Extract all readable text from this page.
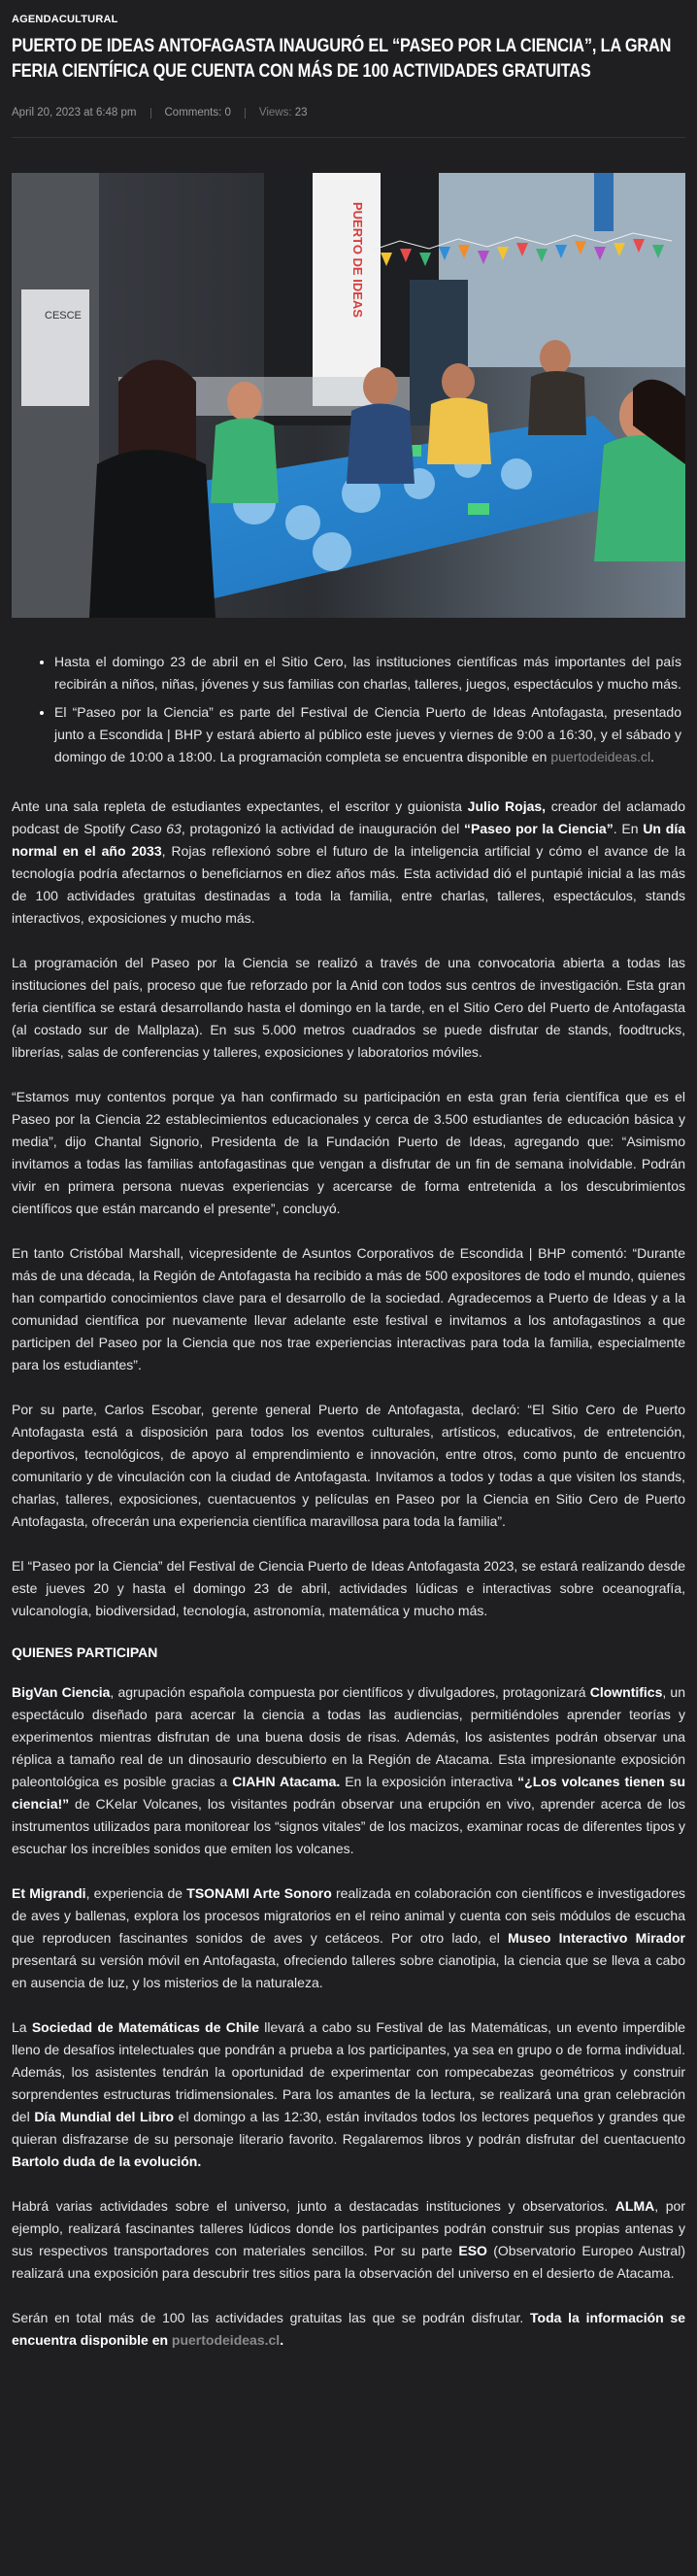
AGENDACULTURAL
PUERTO DE IDEAS ANTOFAGASTA INAUGURÓ EL “PASEO POR LA CIENCIA”, LA GRAN FERIA CIENTÍFICA QUE CUENTA CON MÁS DE 100 ACTIVIDADES GRATUITAS
April 20, 2023 at 6:48 pm	Comments: 0	Views:
23
CESCE	PUERTO DE IDEAS
• Hasta el domingo 23 de abril en el Sitio Cero, las instituciones científicas más importantes del país recibirán a niños, niñas, jóvenes y sus familias con charlas, talleres, juegos, espectáculos y mucho más.
• El “Paseo por la Ciencia” es parte del Festival de Ciencia Puerto de Ideas Antofagasta, presentado junto a Escondida | BHP y estará abierto al público este jueves y viernes de 9:00 a 16:30, y el sábado y domingo de 10:00 a 18:00. La programación completa se encuentra disponible en puertodeideas.cl.

Ante una sala repleta de estudiantes expectantes, el escritor y guionista Julio Rojas, creador del aclamado podcast de Spotify Caso 63, protagonizó la actividad de inauguración del “Paseo por la Ciencia”. En Un día normal en el año 2033, Rojas reflexionó sobre el futuro de la inteligencia artificial y cómo el avance de la tecnología podría afectarnos o beneficiarnos en diez años más. Esta actividad dió el puntapié inicial a las más de 100 actividades gratuitas destinadas a toda la familia, entre charlas, talleres, espectáculos, stands interactivos, exposiciones y mucho más.

La programación del Paseo por la Ciencia se realizó a través de una convocatoria abierta a todas las instituciones del país, proceso que fue reforzado por la Anid con todos sus centros de investigación. Esta gran feria científica se estará desarrollando hasta el domingo en la tarde, en el Sitio Cero del Puerto de Antofagasta (al costado sur de Mallplaza). En sus 5.000 metros cuadrados se puede disfrutar de stands, foodtrucks, librerías, salas de conferencias y talleres, exposiciones y laboratorios móviles.

“Estamos muy contentos porque ya han confirmado su participación en esta gran feria científica que es el Paseo por la Ciencia 22 establecimientos educacionales y cerca de 3.500 estudiantes de educación básica y media”, dijo Chantal Signorio, Presidenta de la Fundación Puerto de Ideas, agregando que: “Asimismo invitamos a todas las familias antofagastinas que vengan a disfrutar de un fin de semana inolvidable. Podrán vivir en primera persona nuevas experiencias y acercarse de forma entretenida a los descubrimientos científicos que están marcando el presente”, concluyó.

En tanto Cristóbal Marshall, vicepresidente de Asuntos Corporativos de Escondida | BHP comentó: “Durante más de una década, la Región de Antofagasta ha recibido a más de 500 expositores de todo el mundo, quienes han compartido conocimientos clave para el desarrollo de la sociedad. Agradecemos a Puerto de Ideas y a la comunidad científica por nuevamente llevar adelante este festival e invitamos a los antofagastinos a que participen del Paseo por la Ciencia que nos trae experiencias interactivas para toda la familia, especialmente para los estudiantes”.

Por su parte, Carlos Escobar, gerente general Puerto de Antofagasta, declaró: “El Sitio Cero de Puerto Antofagasta está a disposición para todos los eventos culturales, artísticos, educativos, de entretención, deportivos, tecnológicos, de apoyo al emprendimiento e innovación, entre otros, como punto de encuentro comunitario y de vinculación con la ciudad de Antofagasta. Invitamos a todos y todas a que visiten los stands, charlas, talleres, exposiciones, cuentacuentos y películas en Paseo por la Ciencia en Sitio Cero de Puerto Antofagasta, ofrecerán una experiencia científica maravillosa para toda la familia”.

El “Paseo por la Ciencia” del Festival de Ciencia Puerto de Ideas Antofagasta 2023, se estará realizando desde este jueves 20 y hasta el domingo 23 de abril, actividades lúdicas e interactivas sobre oceanografía, vulcanología, biodiversidad, tecnología, astronomía, matemática y mucho más.

QUIENES PARTICIPAN

BigVan Ciencia, agrupación española compuesta por científicos y divulgadores, protagonizará Clowntifics, un espectáculo diseñado para acercar la ciencia a todas las audiencias, permitiéndoles aprender teorías y experimentos mientras disfrutan de una buena dosis de risas. Además, los asistentes podrán observar una réplica a tamaño real de un dinosaurio descubierto en la Región de Atacama. Esta impresionante exposición paleontológica es posible gracias a CIAHN Atacama. En la exposición interactiva “¿Los volcanes tienen su ciencia!” de CKelar Volcanes, los visitantes podrán observar una erupción en vivo, aprender acerca de los instrumentos utilizados para monitorear los “signos vitales” de los macizos, examinar rocas de diferentes tipos y escuchar los increíbles sonidos que emiten los volcanes.

Et Migrandi, experiencia de TSONAMI Arte Sonoro realizada en colaboración con científicos e investigadores de aves y ballenas, explora los procesos migratorios en el reino animal y cuenta con seis módulos de escucha que reproducen fascinantes sonidos de aves y cetáceos. Por otro lado, el Museo Interactivo Mirador presentará su versión móvil en Antofagasta, ofreciendo talleres sobre cianotipia, la ciencia que se lleva a cabo en ausencia de luz, y los misterios de la naturaleza.

La Sociedad de Matemáticas de Chile llevará a cabo su Festival de las Matemáticas, un evento imperdible lleno de desafíos intelectuales que pondrán a prueba a los participantes, ya sea en grupo o de forma individual. Además, los asistentes tendrán la oportunidad de experimentar con rompecabezas geométricos y construir sorprendentes estructuras tridimensionales. Para los amantes de la lectura, se realizará una gran celebración del Día Mundial del Libro el domingo a las 12:30, están invitados todos los lectores pequeños y grandes que quieran disfrazarse de su personaje literario favorito. Regalaremos libros y podrán disfrutar del cuentacuento Bartolo duda de la evolución.

Habrá varias actividades sobre el universo, junto a destacadas instituciones y observatorios. ALMA, por ejemplo, realizará fascinantes talleres lúdicos donde los participantes podrán construir sus propias antenas y sus respectivos transportadores con materiales sencillos. Por su parte ESO (Observatorio Europeo Austral) realizará una exposición para descubrir tres sitios para la observación del universo en el desierto de Atacama.

Serán en total más de 100 las actividades gratuitas las que se podrán disfrutar. Toda la información se encuentra disponible en puertodeideas.cl.
